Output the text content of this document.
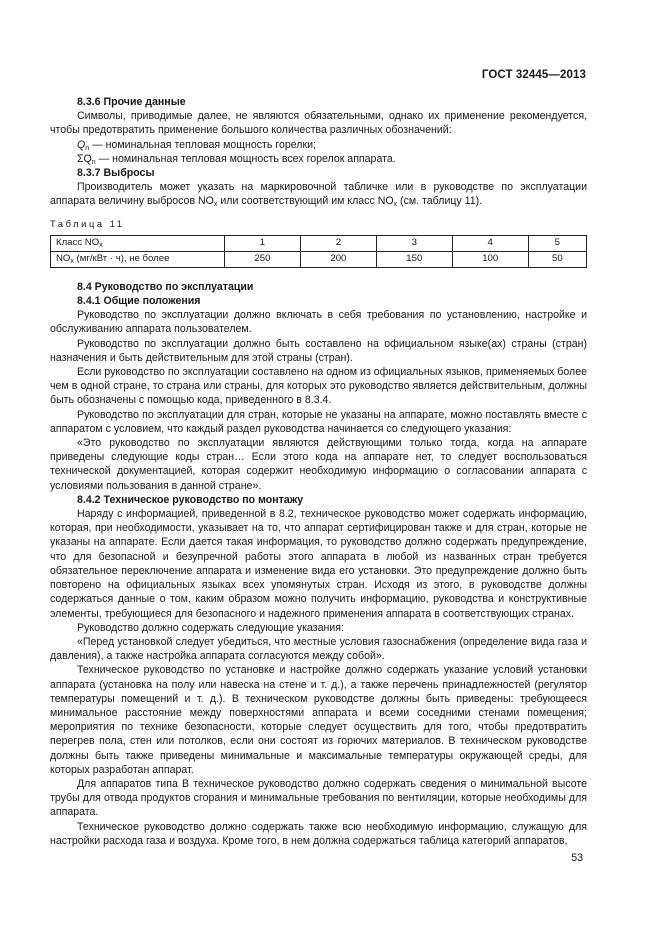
ГОСТ 32445—2013
8.3.6 Прочие данные

Символы, приводимые далее, не являются обязательными, однако их применение рекомендуется, чтобы предотвратить применение большого количества различных обозначений:

$Q_n$ — номинальная тепловая мощность горелки;
$\Sigma Q_n$ — номинальная тепловая мощность всех горелок аппарата.
8.3.7 Выбросы

Производитель может указать на маркировочной табличке или в руководстве по эксплуатации аппарата величину выбросов $NO_x$ или соответствующий им класс $NO_x$ (см. таблицу 11).

Таблица 11
Класс $NO_x$	1	2	3	4	5
$NO_x$ (мг/кВт · ч), не более	250	200	150	100	50
8.4 Руководство по эксплуатации
8.4.1 Общие положения

Руководство по эксплуатации должно включать в себя требования по установлению, настройке и обслуживанию аппарата пользователем.

Руководство по эксплуатации должно быть составлено на официальном языке(ах) страны (стран) назначения и быть действительным для этой страны (стран).

Если руководство по эксплуатации составлено на одном из официальных языков, применяемых более чем в одной стране, то страна или страны, для которых это руководство является действительным, должны быть обозначены с помощью кода, приведенного в 8.3.4.

Руководство по эксплуатации для стран, которые не указаны на аппарате, можно поставлять вместе с аппаратом с условием, что каждый раздел руководства начинается со следующего указания:

«Это руководство по эксплуатации являются действующими только тогда, когда на аппарате приведены следующие коды стран… Если этого кода на аппарате нет, то следует воспользоваться технической документацией, которая содержит необходимую информацию о согласовании аппарата с условиями пользования в данной стране».

8.4.2 Техническое руководство по монтажу

Наряду с информацией, приведенной в 8.2, техническое руководство может содержать информацию, которая, при необходимости, указывает на то, что аппарат сертифицирован также и для стран, которые не указаны на аппарате. Если дается такая информация, то руководство должно содержать предупреждение, что для безопасной и безупречной работы этого аппарата в любой из названных стран требуется обязательное переключение аппарата и изменение вида его установки. Это предупреждение должно быть повторено на официальных языках всех упомянутых стран. Исходя из этого, в руководстве должны содержаться данные о том, каким образом можно получить информацию, руководства и конструктивные элементы, требующиеся для безопасного и надежного применения аппарата в соответствующих странах.

Руководство должно содержать следующие указания:

«Перед установкой следует убедиться, что местные условия газоснабжения (определение вида газа и давления), а также настройка аппарата согласуются между собой».

Техническое руководство по установке и настройке должно содержать указание условий установки аппарата (установка на полу или навеска на стене и т. д.), а также перечень принадлежностей (регулятор температуры помещений и т. д.). В техническом руководстве должны быть приведены: требующееся минимальное расстояние между поверхностями аппарата и всеми соседними стенами помещения; мероприятия по технике безопасности, которые следует осуществить для того, чтобы предотвратить перегрев пола, стен или потолков, если они состоят из горючих материалов. В техническом руководстве должны быть также приведены минимальные и максимальные температуры окружающей среды, для которых разработан аппарат.

Для аппаратов типа B техническое руководство должно содержать сведения о минимальной высоте трубы для отвода продуктов сгорания и минимальные требования по вентиляции, которые необходимы для аппарата.

Техническое руководство должно содержать также всю необходимую информацию, служащую для настройки расхода газа и воздуха. Кроме того, в нем должна содержаться таблица категорий аппаратов,

53
